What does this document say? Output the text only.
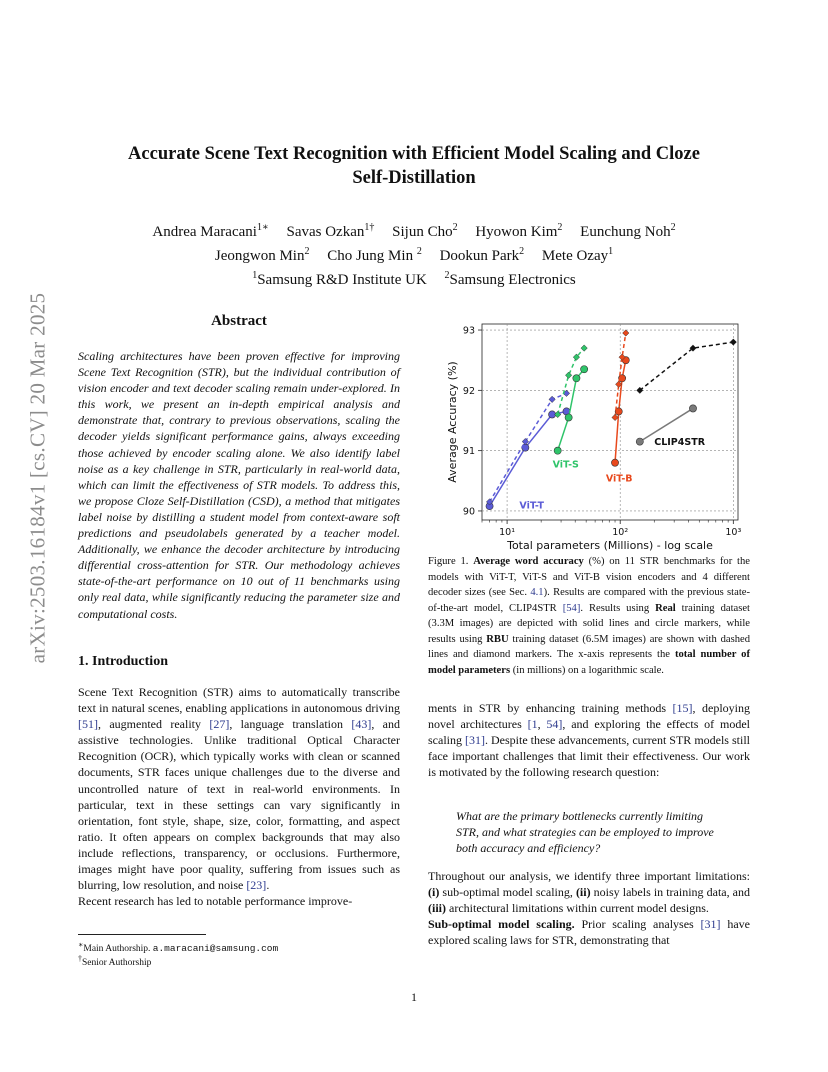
arXiv:2503.16184v1 [cs.CV] 20 Mar 2025
Accurate Scene Text Recognition with Efficient Model Scaling and Cloze
Self-Distillation
Andrea Maracani$^{1∗}$ Savas Ozkan$^{1\dagger}$ Sijun Cho$^2$ Hyowon Kim$^2$ Eunchung Noh$^2$
Jeongwon Min$^2$ Cho Jung Min $^2$ Dookun Park$^2$ Mete Ozay$^1$
$^1$Samsung R&D Institute UK $^2$Samsung Electronics
Abstract
Scaling architectures have been proven effective for improving Scene Text Recognition (STR), but the individual contribution of vision encoder and text decoder scaling remain under-explored. In this work, we present an in-depth empirical analysis and demonstrate that, contrary to previous observations, scaling the decoder yields significant performance gains, always exceeding those achieved by encoder scaling alone. We also identify label noise as a key challenge in STR, particularly in real-world data, which can limit the effectiveness of STR models. To address this, we propose Cloze Self-Distillation (CSD), a method that mitigates label noise by distilling a student model from context-aware soft predictions and pseudolabels generated by a teacher model. Additionally, we enhance the decoder architecture by introducing differential cross-attention for STR. Our methodology achieves state-of-the-art performance on 10 out of 11 benchmarks using only real data, while significantly reducing the parameter size and computational costs.
1. Introduction
Scene Text Recognition (STR) aims to automatically transcribe text in natural scenes, enabling applications in autonomous driving [51], augmented reality [27], language translation [43], and assistive technologies. Unlike traditional Optical Character Recognition (OCR), which typically works with clean or scanned documents, STR faces unique challenges due to the diverse and uncontrolled nature of text in real-world environments. In particular, text in these settings can vary significantly in orientation, font style, shape, size, color, formatting, and aspect ratio. It often appears on complex backgrounds that may also include reflections, transparency, or occlusions. Furthermore, images might have poor quality, suffering from issues such as blurring, low resolution, and noise [23].
Recent research has led to notable performance improve-
∗Main Authorship. a.maracani@samsung.com
†Senior Authorship
90
91
92
93
10¹	10²	10³
Total parameters (Millions) - log scale
Average Accuracy (%)
ViT-T
ViT-S
ViT-B
CLIP4STR
Figure 1. Average word accuracy (%) on 11 STR benchmarks for the models with ViT-T, ViT-S and ViT-B vision encoders and 4 different decoder sizes (see Sec. 4.1). Results are compared with the previous state-of-the-art model, CLIP4STR [54]. Results using Real training dataset (3.3M images) are depicted with solid lines and circle markers, while results using RBU training dataset (6.5M images) are shown with dashed lines and diamond markers. The x-axis represents the total number of model parameters (in millions) on a logarithmic scale.
ments in STR by enhancing training methods [15], deploying novel architectures [1, 54], and exploring the effects of model scaling [31]. Despite these advancements, current STR models still face important challenges that limit their effectiveness. Our work is motivated by the following research question:
What are the primary bottlenecks currently limiting STR, and what strategies can be employed to improve both accuracy and efficiency?
Throughout our analysis, we identify three important limitations: (i) sub-optimal model scaling, (ii) noisy labels in training data, and (iii) architectural limitations within current model designs.
Sub-optimal model scaling. Prior scaling analyses [31] have explored scaling laws for STR, demonstrating that
1
